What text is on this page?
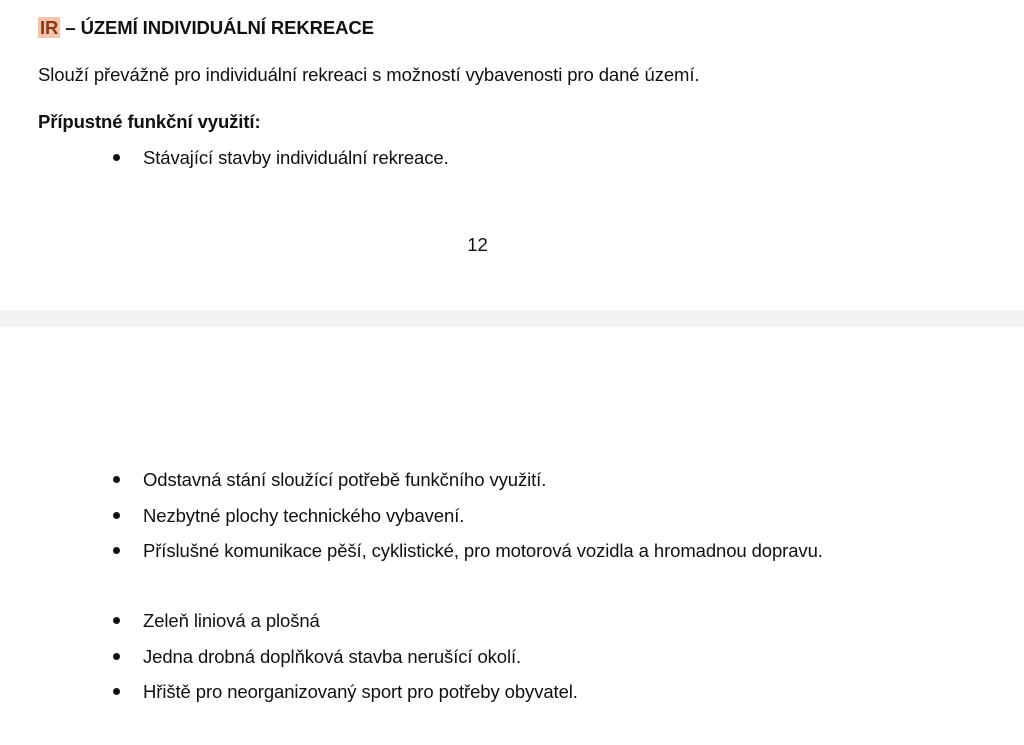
IR – ÚZEMÍ INDIVIDUÁLNÍ REKREACE
Slouží převážně pro individuální rekreaci s možností vybavenosti pro dané území.
Přípustné funkční využití:
Stávající stavby individuální rekreace.
12
Odstavná stání sloužící potřebě funkčního využití.
Nezbytné plochy technického vybavení.
Příslušné komunikace pěší, cyklistické, pro motorová vozidla a hromadnou dopravu.
Zeleň liniová a plošná
Jedna drobná doplňková stavba nerušící okolí.
Hřiště pro neorganizovaný sport pro potřeby obyvatel.
